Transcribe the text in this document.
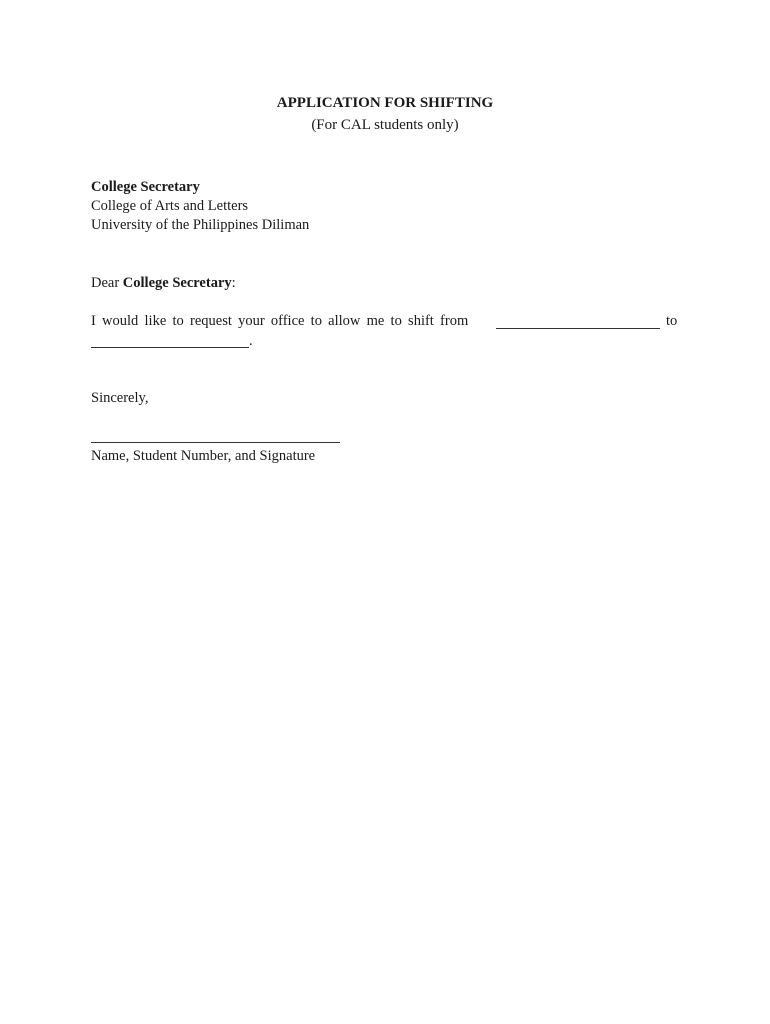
APPLICATION FOR SHIFTING
(For CAL students only)
College Secretary
College of Arts and Letters
University of the Philippines Diliman
Dear College Secretary:
I would like to request your office to allow me to shift from	to
.
Sincerely,
Name, Student Number, and Signature
